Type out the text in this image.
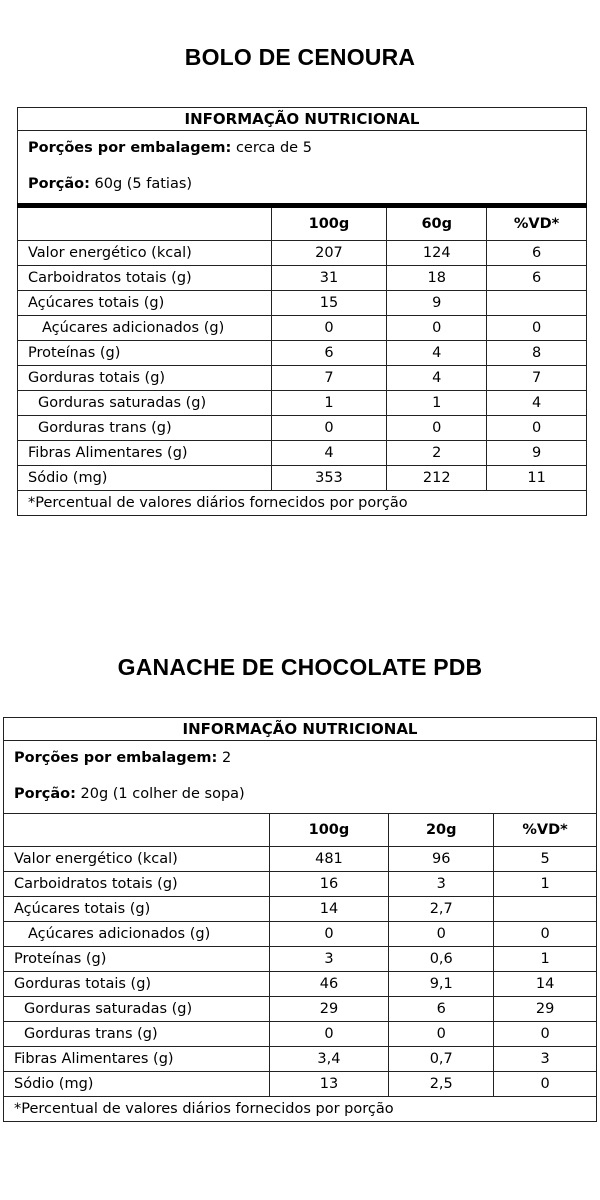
BOLO DE CENOURA
INFORMAÇÃO NUTRICIONAL			

Porções por embalagem: cerca de 5
Porção: 60g (5 fatias)			

	100g	60g	%VD*
Valor energético (kcal)	207	124	6
Carboidratos totais (g)	31	18	6
Açúcares totais (g)	15	9	
Açúcares adicionados (g)	0	0	0
Proteínas (g)	6	4	8
Gorduras totais (g)	7	4	7
Gorduras saturadas (g)	1	1	4
Gorduras trans (g)	0	0	0
Fibras Alimentares (g)	4	2	9
Sódio (mg)	353	212	11
*Percentual de valores diários fornecidos por porção			
GANACHE DE CHOCOLATE PDB
INFORMAÇÃO NUTRICIONAL			

Porções por embalagem: 2
Porção: 20g (1 colher de sopa)			

	100g	20g	%VD*
Valor energético (kcal)	481	96	5
Carboidratos totais (g)	16	3	1
Açúcares totais (g)	14	2,7	
Açúcares adicionados (g)	0	0	0
Proteínas (g)	3	0,6	1
Gorduras totais (g)	46	9,1	14
Gorduras saturadas (g)	29	6	29
Gorduras trans (g)	0	0	0
Fibras Alimentares (g)	3,4	0,7	3
Sódio (mg)	13	2,5	0
*Percentual de valores diários fornecidos por porção			
